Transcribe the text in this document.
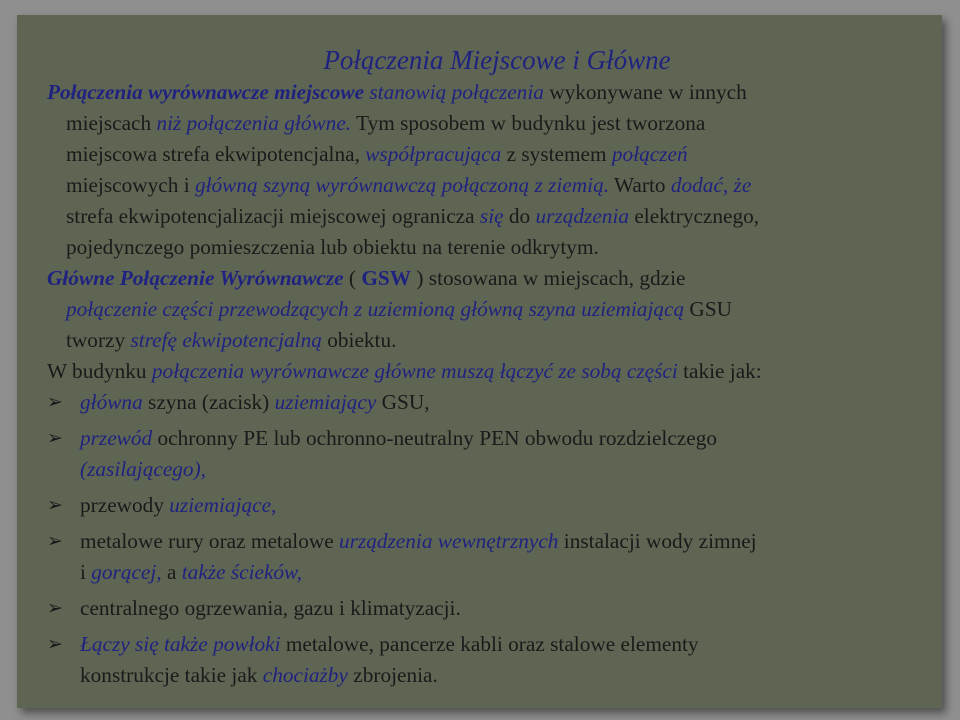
Połączenia Miejscowe i Główne
Połączenia wyrównawcze miejscowe stanowią połączenia wykonywane w innych
miejscach niż połączenia główne. Tym sposobem w budynku jest tworzona
miejscowa strefa ekwipotencjalna, współpracująca z systemem połączeń
miejscowych i główną szyną wyrównawczą połączoną z ziemią. Warto dodać, że
strefa ekwipotencjalizacji miejscowej ogranicza się do urządzenia elektrycznego,
pojedynczego pomieszczenia lub obiektu na terenie odkrytym.
Główne Połączenie Wyrównawcze ( GSW ) stosowana w miejscach, gdzie
połączenie części przewodzących z uziemioną główną szyna uziemiającą GSU
tworzy strefę ekwipotencjalną obiektu.
W budynku połączenia wyrównawcze główne muszą łączyć ze sobą części takie jak:
➢ główna szyna (zacisk) uziemiający GSU,
➢ przewód ochronny PE lub ochronno-neutralny PEN obwodu rozdzielczego
(zasilającego),
➢ przewody uziemiające,
➢ metalowe rury oraz metalowe urządzenia wewnętrznych instalacji wody zimnej
i gorącej, a także ścieków,
➢ centralnego ogrzewania, gazu i klimatyzacji.
➢ Łączy się także powłoki metalowe, pancerze kabli oraz stalowe elementy
konstrukcje takie jak chociażby zbrojenia.
